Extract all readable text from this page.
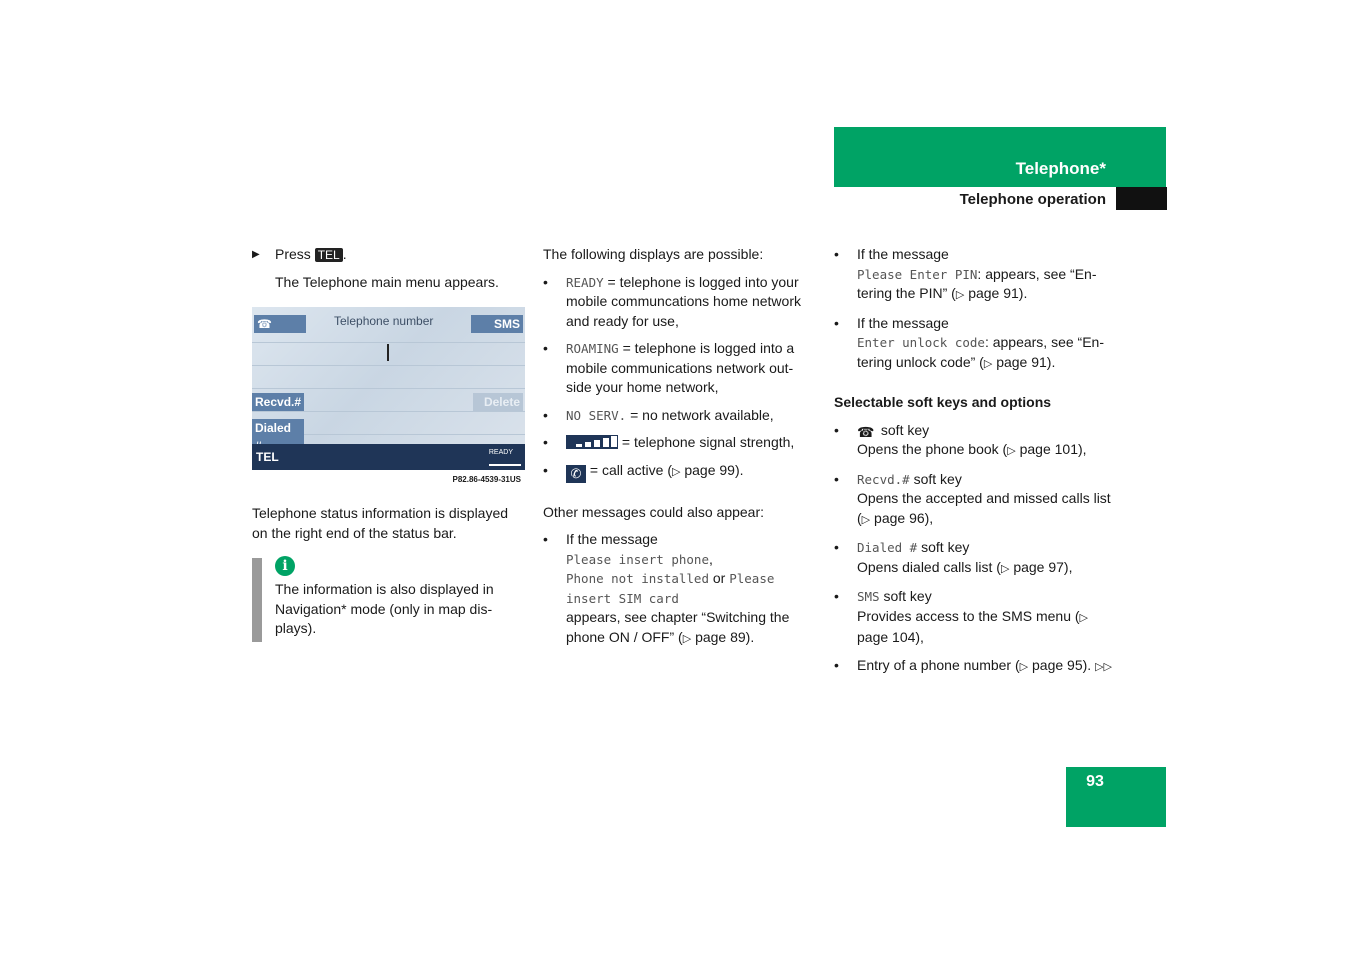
Telephone*
Telephone operation
▶ Press TEL .
The Telephone main menu appears.
☎	Telephone number	SMS
Recvd.#	Delete
Dialed
TEL	READY
P82.86-4539-31US
Telephone status information is displayed on the right end of the status bar.
i
The information is also displayed in Navigation* mode (only in map dis-plays).
The following displays are possible:
• READY = telephone is logged into your mobile communcations home network and ready for use,
• ROAMING = telephone is logged into a mobile communications network out-side your home network,
• NO SERV. = no network available,
•	= telephone signal strength,
• ✆ = call active (▷ page 99).
Other messages could also appear:
• If the message
Please insert phone,
Phone not installed or Please insert SIM card
appears, see chapter “Switching the phone ON / OFF” (▷ page 89).
• If the message
Please Enter PIN: appears, see “En-tering the PIN” (▷ page 91).
• If the message
Enter unlock code: appears, see “En-tering unlock code” (▷ page 91).
Selectable soft keys and options
• ☎ soft key
Opens the phone book (▷ page 101),
• Recvd.# soft key
Opens the accepted and missed calls list (▷ page 96),
• Dialed # soft key
Opens dialed calls list (▷ page 97),
• SMS soft key
Provides access to the SMS menu (▷ page 104),
• Entry of a phone number (▷ page 95). ▷▷
93
